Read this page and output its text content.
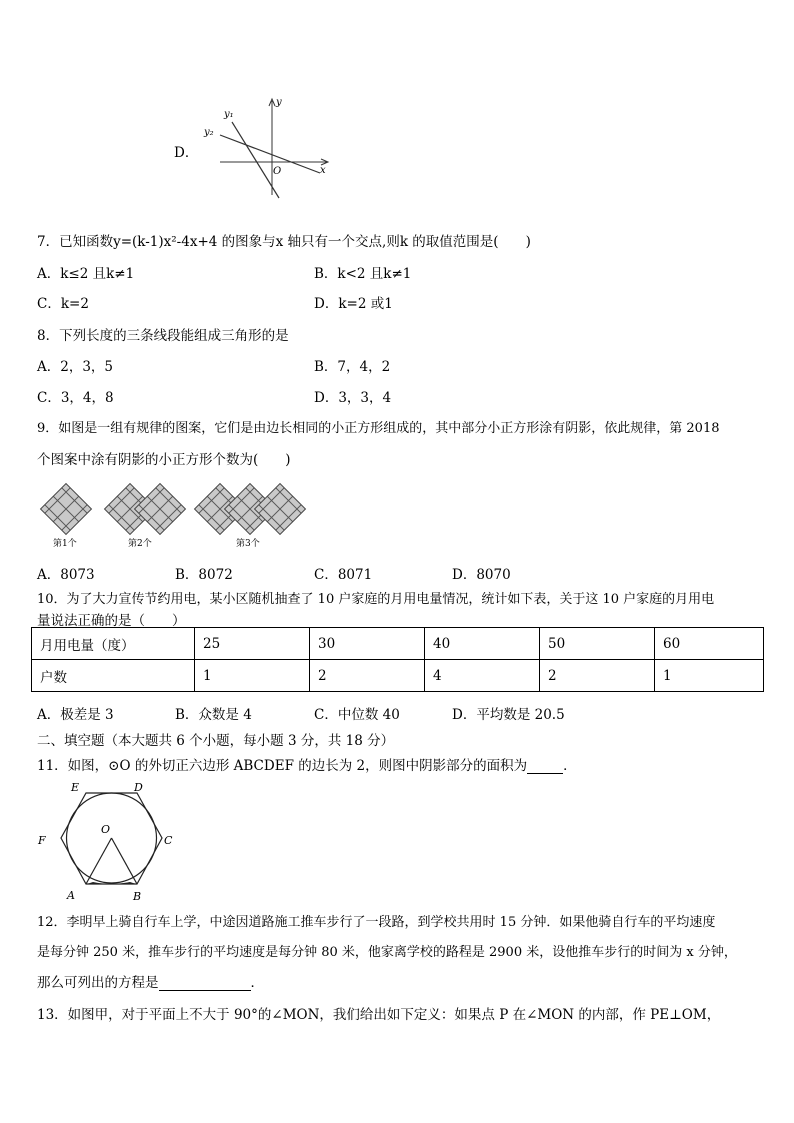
D．
y
x
O
y₁
y₂
7．已知函数y=(k-1)x²-4x+4 的图象与x 轴只有一个交点,则k 的取值范围是(　　)
A．k≤2 且k≠1	B．k<2 且k≠1
C．k=2	D．k=2 或1
8．下列长度的三条线段能组成三角形的是
A．2，3，5	B．7，4，2
C．3，4，8	D．3，3，4
9．如图是一组有规律的图案，它们是由边长相同的小正方形组成的，其中部分小正方形涂有阴影，依此规律，第 2018
个图案中涂有阴影的小正方形个数为(　　)
第1个	第2个	第3个
A．8073	B．8072	C．8071	D．8070
10．为了大力宣传节约用电，某小区随机抽查了 10 户家庭的月用电量情况，统计如下表，关于这 10 户家庭的月用电
量说法正确的是（　　）
月用电量（度）	25	30	40	50	60
户数	1	2	4	2	1
A．极差是 3	B．众数是 4	C．中位数 40	D．平均数是 20.5
二、填空题（本大题共 6 个小题，每小题 3 分，共 18 分）
11．如图，⊙O 的外切正六边形 ABCDEF 的边长为 2，则图中阴影部分的面积为	．
E	D
O
F	C
A	B
12．李明早上骑自行车上学，中途因道路施工推车步行了一段路，到学校共用时 15 分钟．如果他骑自行车的平均速度
是每分钟 250 米，推车步行的平均速度是每分钟 80 米，他家离学校的路程是 2900 米，设他推车步行的时间为 x 分钟，
那么可列出的方程是	．
13．如图甲，对于平面上不大于 90°的∠MON，我们给出如下定义：如果点 P 在∠MON 的内部，作 PE⊥OM，
